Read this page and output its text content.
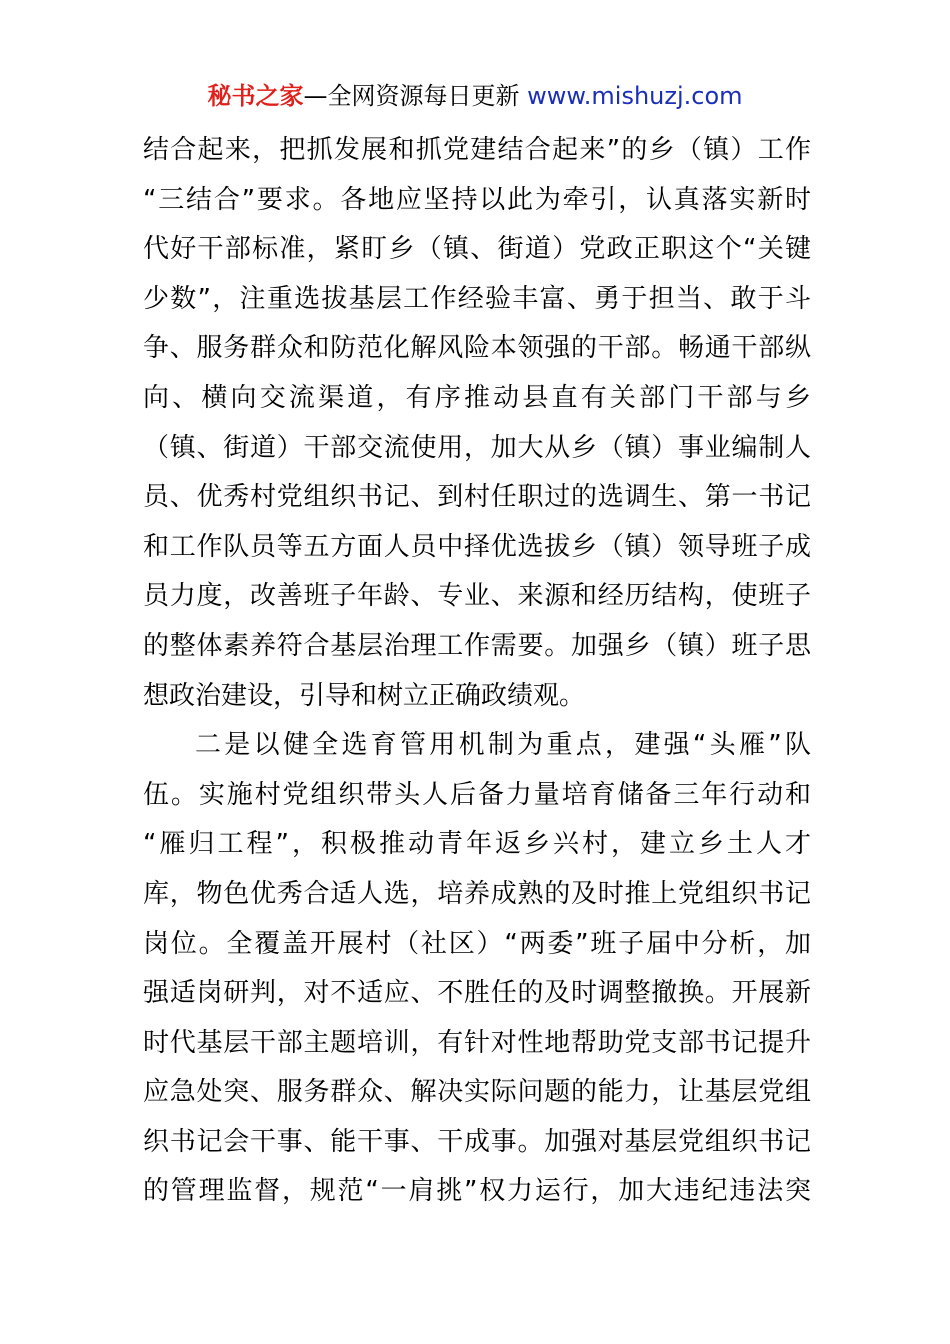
秘书之家—全网资源每日更新 www.mishuzj.com
结合起来，把抓发展和抓党建结合起来”的乡（镇）工作
“三结合”要求。各地应坚持以此为牵引，认真落实新时
代好干部标准，紧盯乡（镇、街道）党政正职这个“关键
少数”，注重选拔基层工作经验丰富、勇于担当、敢于斗
争、服务群众和防范化解风险本领强的干部。畅通干部纵
向、横向交流渠道，有序推动县直有关部门干部与乡
（镇、街道）干部交流使用，加大从乡（镇）事业编制人
员、优秀村党组织书记、到村任职过的选调生、第一书记
和工作队员等五方面人员中择优选拔乡（镇）领导班子成
员力度，改善班子年龄、专业、来源和经历结构，使班子
的整体素养符合基层治理工作需要。加强乡（镇）班子思
想政治建设，引导和树立正确政绩观。
二是以健全选育管用机制为重点，建强“头雁”队
伍。实施村党组织带头人后备力量培育储备三年行动和
“雁归工程”，积极推动青年返乡兴村，建立乡土人才
库，物色优秀合适人选，培养成熟的及时推上党组织书记
岗位。全覆盖开展村（社区）“两委”班子届中分析，加
强适岗研判，对不适应、不胜任的及时调整撤换。开展新
时代基层干部主题培训，有针对性地帮助党支部书记提升
应急处突、服务群众、解决实际问题的能力，让基层党组
织书记会干事、能干事、干成事。加强对基层党组织书记
的管理监督，规范“一肩挑”权力运行，加大违纪违法突
